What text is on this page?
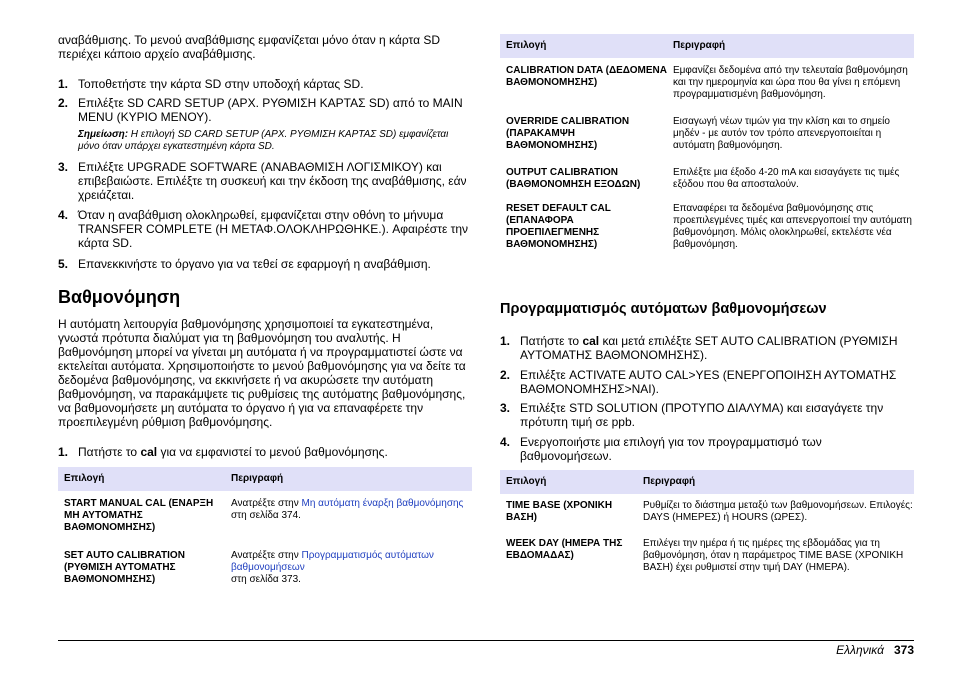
αναβάθμισης. Το μενού αναβάθμισης εμφανίζεται μόνο όταν η κάρτα SD περιέχει κάποιο αρχείο αναβάθμισης.

1. Τοποθετήστε την κάρτα SD στην υποδοχή κάρτας SD.
2. Επιλέξτε SD CARD SETUP (ΑΡΧ. ΡΥΘΜΙΣΗ ΚΑΡΤΑΣ SD) από το MAIN MENU (ΚΥΡΙΟ ΜΕΝΟΥ).
Σημείωση: Η επιλογή SD CARD SETUP (ΑΡΧ. ΡΥΘΜΙΣΗ ΚΑΡΤΑΣ SD) εμφανίζεται μόνο όταν υπάρχει εγκατεστημένη κάρτα SD.
3. Επιλέξτε UPGRADE SOFTWARE (ΑΝΑΒΑΘΜΙΣΗ ΛΟΓΙΣΜΙΚΟΥ) και επιβεβαιώστε. Επιλέξτε τη συσκευή και την έκδοση της αναβάθμισης, εάν χρειάζεται.
4. Όταν η αναβάθμιση ολοκληρωθεί, εμφανίζεται στην οθόνη το μήνυμα TRANSFER COMPLETE (Η ΜΕΤΑΦ.ΟΛΟΚΛΗΡΩΘΗΚΕ.). Αφαιρέστε την κάρτα SD.
5. Επανεκκινήστε το όργανο για να τεθεί σε εφαρμογή η αναβάθμιση.
Βαθμονόμηση

Η αυτόματη λειτουργία βαθμονόμησης χρησιμοποιεί τα εγκατεστημένα, γνωστά πρότυπα διαλύματ για τη βαθμονόμηση του αναλυτής. Η βαθμονόμηση μπορεί να γίνεται μη αυτόματα ή να προγραμματιστεί ώστε να εκτελείται αυτόματα. Χρησιμοποιήστε το μενού βαθμονόμησης για να δείτε τα δεδομένα βαθμονόμησης, να εκκινήσετε ή να ακυρώσετε την αυτόματη βαθμονόμηση, να παρακάμψετε τις ρυθμίσεις της αυτόματης βαθμονόμησης, να βαθμονομήσετε μη αυτόματα το όργανο ή για να επαναφέρετε την προεπιλεγμένη ρύθμιση βαθμονόμησης.

1. Πατήστε το cal για να εμφανιστεί το μενού βαθμονόμησης.
Επιλογή	Περιγραφή
START MANUAL CAL (ΕΝΑΡΞΗ ΜΗ ΑΥΤΟΜΑΤΗΣ ΒΑΘΜΟΝΟΜΗΣΗΣ)	Ανατρέξτε στην Μη αυτόματη έναρξη βαθμονόμησης στη σελίδα 374.
SET AUTO CALIBRATION (ΡΥΘΜΙΣΗ ΑΥΤΟΜΑΤΗΣ ΒΑΘΜΟΝΟΜΗΣΗΣ)	Ανατρέξτε στην Προγραμματισμός αυτόματων βαθμονομήσεων
στη σελίδα 373.
Επιλογή	Περιγραφή
CALIBRATION DATA (ΔΕΔΟΜΕΝΑ ΒΑΘΜΟΝΟΜΗΣΗΣ)	Εμφανίζει δεδομένα από την τελευταία βαθμονόμηση και την ημερομηνία και ώρα που θα γίνει η επόμενη προγραμματισμένη βαθμονόμηση.
OVERRIDE CALIBRATION (ΠΑΡΑΚΑΜΨΗ ΒΑΘΜΟΝΟΜΗΣΗΣ)	Εισαγωγή νέων τιμών για την κλίση και το σημείο μηδέν - με αυτόν τον τρόπο απενεργοποιείται η αυτόματη βαθμονόμηση.
OUTPUT CALIBRATION (ΒΑΘΜΟΝΟΜΗΣΗ ΕΞΟΔΩΝ)	Επιλέξτε μια έξοδο 4-20 mA και εισαγάγετε τις τιμές εξόδου που θα αποσταλούν.
RESET DEFAULT CAL (ΕΠΑΝΑΦΟΡΑ ΠΡΟΕΠΙΛΕΓΜΕΝΗΣ ΒΑΘΜΟΝΟΜΗΣΗΣ)	Επαναφέρει τα δεδομένα βαθμονόμησης στις προεπιλεγμένες τιμές και απενεργοποιεί την αυτόματη βαθμονόμηση. Μόλις ολοκληρωθεί, εκτελέστε νέα βαθμονόμηση.
Προγραμματισμός αυτόματων βαθμονομήσεων
1. Πατήστε το cal και μετά επιλέξτε SET AUTO CALIBRATION (ΡΥΘΜΙΣΗ ΑΥΤΟΜΑΤΗΣ ΒΑΘΜΟΝΟΜΗΣΗΣ).
2. Επιλέξτε ACTIVATE AUTO CAL>YES (ΕΝΕΡΓΟΠΟΙΗΣΗ ΑΥΤΟΜΑΤΗΣ ΒΑΘΜΟΝΟΜΗΣΗΣ>ΝΑΙ).
3. Επιλέξτε STD SOLUTION (ΠΡΟΤΥΠΟ ΔΙΑΛΥΜΑ) και εισαγάγετε την πρότυπη τιμή σε ppb.
4. Ενεργοποιήστε μια επιλογή για τον προγραμματισμό των βαθμονομήσεων.
Επιλογή	Περιγραφή
TIME BASE (ΧΡΟΝΙΚΗ ΒΑΣΗ)	Ρυθμίζει το διάστημα μεταξύ των βαθμονομήσεων. Επιλογές: DAYS (ΗΜΕΡΕΣ) ή HOURS (ΩΡΕΣ).
WEEK DAY (ΗΜΕΡΑ ΤΗΣ ΕΒΔΟΜΑΔΑΣ)	Επιλέγει την ημέρα ή τις ημέρες της εβδομάδας για τη βαθμονόμηση, όταν η παράμετρος TIME BASE (ΧΡΟΝΙΚΗ ΒΑΣΗ) έχει ρυθμιστεί στην τιμή DAY (ΗΜΕΡΑ).
Ελληνικά 373
